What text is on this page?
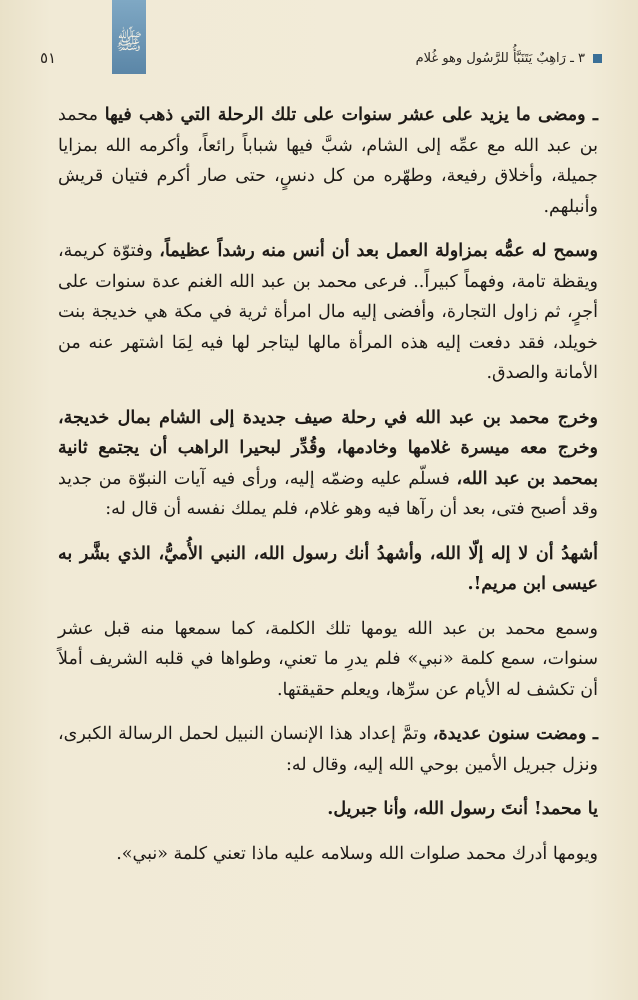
ﷺ
٣ ـ رَاهِبٌ يَتَنَبَّأُ للرَّسُول وهو غُلام
٥١

ـ ومضى ما يزيد على عشر سنوات على تلك الرحلة التي ذهب فيها محمد بن عبد الله مع عمِّه إلى الشام، شبَّ فيها شباباً رائعاً، وأكرمه الله بمزايا جميلة، وأخلاق رفيعة، وطهّره من كل دنسٍ، حتى صار أكرم فتيان قريش وأنبلهم.

وسمح له عمُّه بمزاولة العمل بعد أن أنس منه رشداً عظيماً، وفتوّة كريمة، ويقظة تامة، وفهماً كبيراً.. فرعى محمد بن عبد الله الغنم عدة سنوات على أجرٍ، ثم زاول التجارة، وأفضى إليه مال امرأة ثرية في مكة هي خديجة بنت خويلد، فقد دفعت إليه هذه المرأة مالها ليتاجر لها فيه لِمَا اشتهر عنه من الأمانة والصدق.

وخرج محمد بن عبد الله في رحلة صيف جديدة إلى الشام بمال خديجة، وخرج معه ميسرة غلامها وخادمها، وقُدِّر لبحيرا الراهب أن يجتمع ثانية بمحمد بن عبد الله، فسلّم عليه وضمّه إليه، ورأى فيه آيات النبوّة من جديد وقد أصبح فتى، بعد أن رآها فيه وهو غلام، فلم يملك نفسه أن قال له:

أشهدُ أن لا إله إلّا الله، وأشهدُ أنك رسول الله، النبي الأُميُّ، الذي بشَّر به عيسى ابن مريم!.

وسمع محمد بن عبد الله يومها تلك الكلمة، كما سمعها منه قبل عشر سنوات، سمع كلمة «نبي» فلم يدرِ ما تعني، وطواها في قلبه الشريف أملاً أن تكشف له الأيام عن سرِّها، ويعلم حقيقتها.

ـ ومضت سنون عديدة، وتمَّ إعداد هذا الإنسان النبيل لحمل الرسالة الكبرى، ونزل جبريل الأمين بوحي الله إليه، وقال له:

يا محمد! أنتَ رسول الله، وأنا جبريل.

ويومها أدرك محمد صلوات الله وسلامه عليه ماذا تعني كلمة «نبي».
